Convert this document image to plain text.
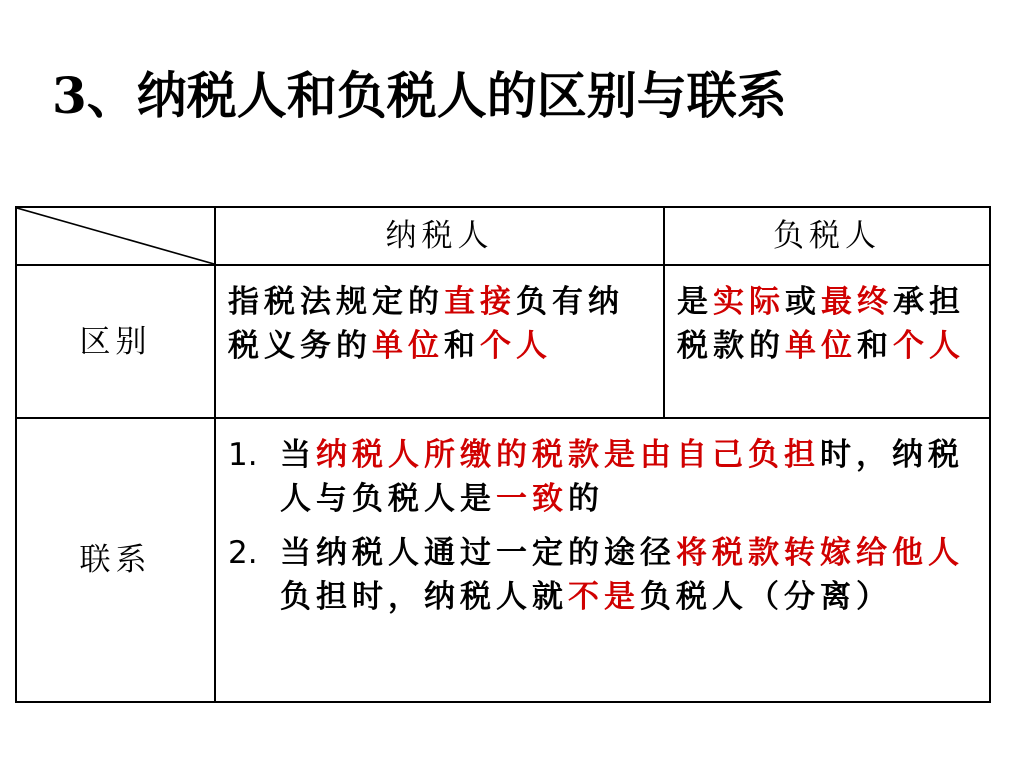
3、纳税人和负税人的区别与联系
	纳税人	负税人
区别	指税法规定的直接负有纳税义务的单位和个人	是实际或最终承担税款的单位和个人
联系	1. 当纳税人所缴的税款是由自己负担时，纳税人与负税人是一致的
2. 当纳税人通过一定的途径将税款转嫁给他人负担时，纳税人就不是负税人（分离）	
